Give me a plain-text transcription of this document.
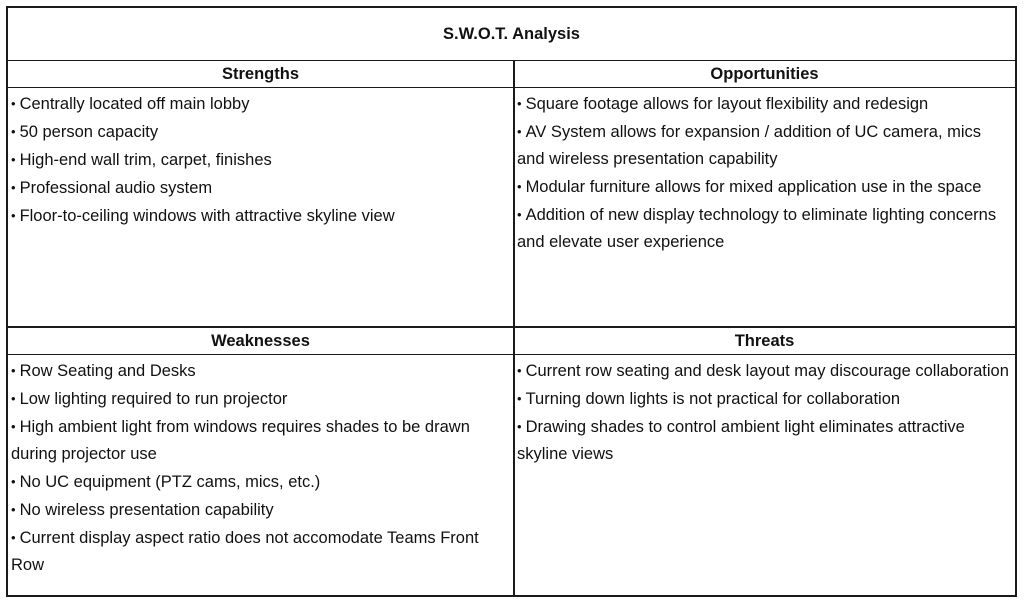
S.W.O.T. Analysis
Strengths	Opportunities
• Centrally located off main lobby
• 50 person capacity
• High-end wall trim, carpet, finishes
• Professional audio system
• Floor-to-ceiling windows with attractive skyline view
• Square footage allows for layout flexibility and redesign
• AV System allows for expansion / addition of UC camera, mics and wireless presentation capability
• Modular furniture allows for mixed application use in the space
• Addition of new display technology to eliminate lighting concerns and elevate user experience
Weaknesses	Threats
• Row Seating and Desks
• Low lighting required to run projector
• High ambient light from windows requires shades to be drawn during projector use
• No UC equipment (PTZ cams, mics, etc.)
• No wireless presentation capability
• Current display aspect ratio does not accomodate Teams Front Row
• Current row seating and desk layout may discourage collaboration
• Turning down lights is not practical for collaboration
• Drawing shades to control ambient light eliminates attractive skyline views
